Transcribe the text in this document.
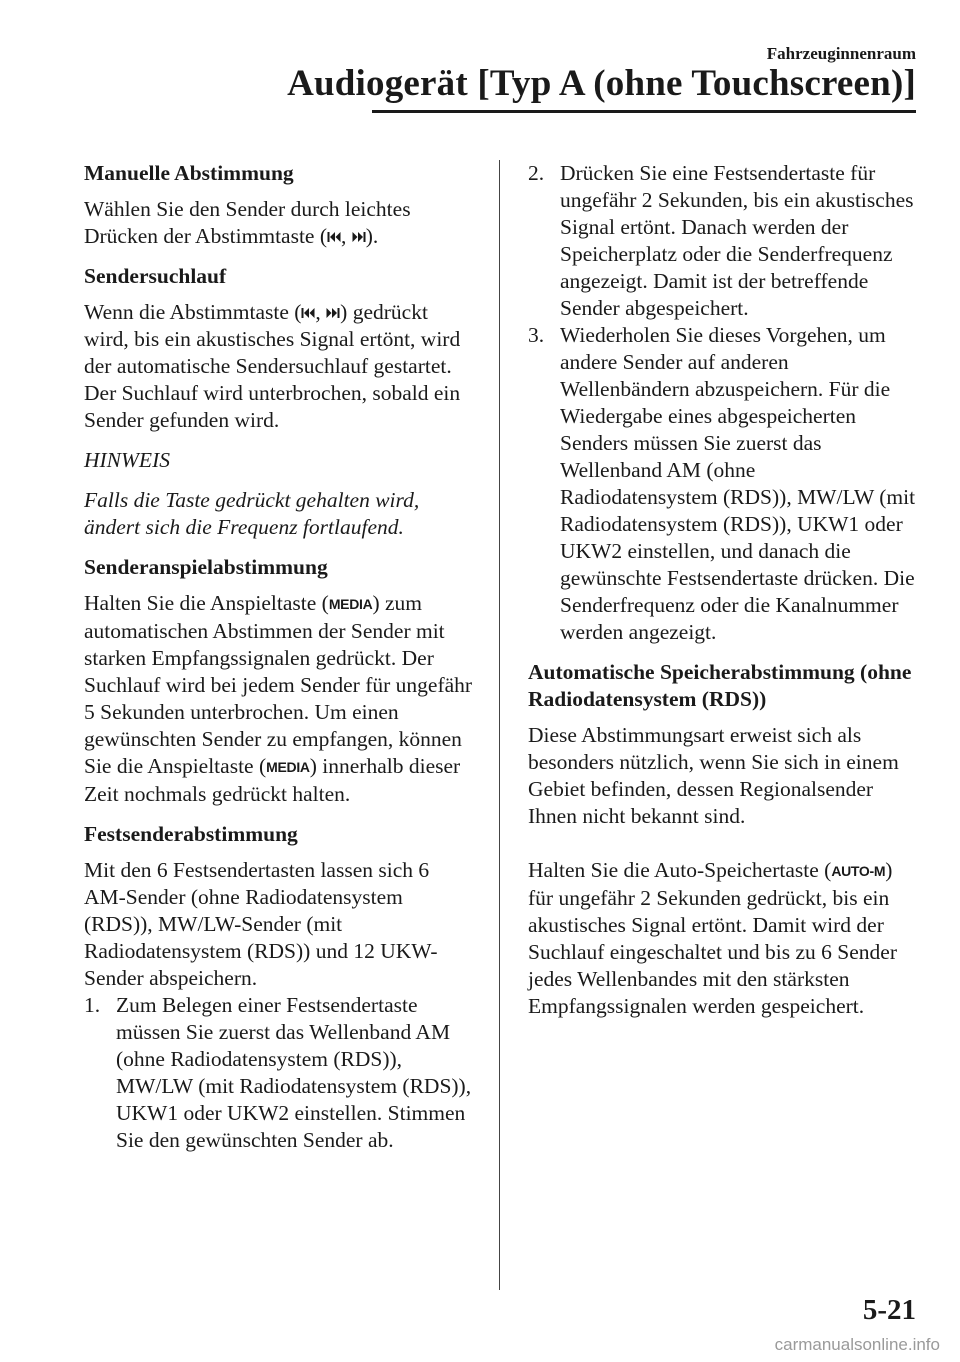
Fahrzeuginnenraum
Audiogerät [Typ A (ohne Touchscreen)]
Manuelle Abstimmung

Wählen Sie den Sender durch leichtes Drücken der Abstimmtaste ( , ).

Sendersuchlauf

Wenn die Abstimmtaste ( , ) gedrückt wird, bis ein akustisches Signal ertönt, wird der automatische Sendersuchlauf gestartet. Der Suchlauf wird unterbrochen, sobald ein Sender gefunden wird.

HINWEIS

Falls die Taste gedrückt gehalten wird, ändert sich die Frequenz fortlaufend.

Senderanspielabstimmung

Halten Sie die Anspieltaste (MEDIA) zum automatischen Abstimmen der Sender mit starken Empfangssignalen gedrückt. Der Suchlauf wird bei jedem Sender für ungefähr 5 Sekunden unterbrochen. Um einen gewünschten Sender zu empfangen, können Sie die Anspieltaste (MEDIA) innerhalb dieser Zeit nochmals gedrückt halten.

Festsenderabstimmung

Mit den 6 Festsendertasten lassen sich 6 AM-Sender (ohne Radiodatensystem (RDS)), MW/LW-Sender (mit Radiodatensystem (RDS)) und 12 UKW-Sender abspeichern.

1. Zum Belegen einer Festsendertaste müssen Sie zuerst das Wellenband AM (ohne Radiodatensystem (RDS)), MW/LW (mit Radiodatensystem (RDS)), UKW1 oder UKW2 einstellen. Stimmen Sie den gewünschten Sender ab.
2. Drücken Sie eine Festsendertaste für ungefähr 2 Sekunden, bis ein akustisches Signal ertönt. Danach werden der Speicherplatz oder die Senderfrequenz angezeigt. Damit ist der betreffende Sender abgespeichert.
3. Wiederholen Sie dieses Vorgehen, um andere Sender auf anderen Wellenbändern abzuspeichern. Für die Wiedergabe eines abgespeicherten Senders müssen Sie zuerst das Wellenband AM (ohne Radiodatensystem (RDS)), MW/LW (mit Radiodatensystem (RDS)), UKW1 oder UKW2 einstellen, und danach die gewünschte Festsendertaste drücken. Die Senderfrequenz oder die Kanalnummer werden angezeigt.
Automatische Speicherabstimmung (ohne Radiodatensystem (RDS))

Diese Abstimmungsart erweist sich als besonders nützlich, wenn Sie sich in einem Gebiet befinden, dessen Regionalsender Ihnen nicht bekannt sind.

Halten Sie die Auto-Speichertaste (AUTO-M) für ungefähr 2 Sekunden gedrückt, bis ein akustisches Signal ertönt. Damit wird der Suchlauf eingeschaltet und bis zu 6 Sender jedes Wellenbandes mit den stärksten Empfangssignalen werden gespeichert.

5-21
carmanualsonline.info
